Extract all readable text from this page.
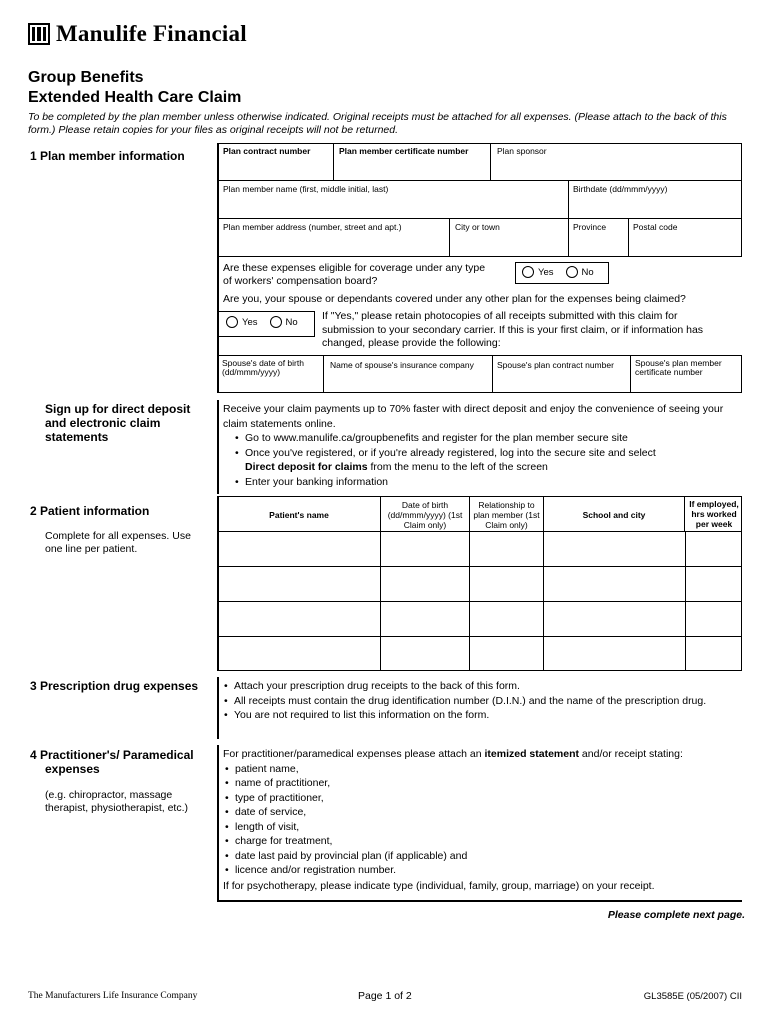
Manulife Financial
Group Benefits
Extended Health Care Claim
To be completed by the plan member unless otherwise indicated. Original receipts must be attached for all expenses. (Please attach to the back of this form.) Please retain copies for your files as original receipts will not be returned.
1 Plan member information	Plan contract number	Plan member certificate number	Plan sponsor
Plan member name (first, middle initial, last)	Birthdate (dd/mmm/yyyy)
Plan member address (number, street and apt.)	City or town	Province	Postal code
Are these expenses eligible for coverage under any type
of workers' compensation board?
Yes	No
Are you, your spouse or dependants covered under any other plan for the expenses being claimed?
Yes	No If "Yes," please retain photocopies of all receipts submitted with this claim for submission to your secondary carrier. If this is your first claim, or if information has changed, please provide the following:
Spouse's date of birth (dd/mmm/yyyy)
Name of spouse's insurance company	Spouse's plan contract number Spouse's plan member certificate number
Sign up for direct deposit and electronic claim statements
Receive your claim payments up to 70% faster with direct deposit and enjoy the convenience of seeing your claim statements online.
• Go to www.manulife.ca/groupbenefits and register for the plan member secure site
• Once you've registered, or if you're already registered, log into the secure site and select
Direct deposit for claims from the menu to the left of the screen
• Enter your banking information
2 Patient information
Complete for all expenses. Use one line per patient.
Patient's name
Date of birth (dd/mmm/yyyy) (1st Claim only)
Relationship to plan member (1st Claim only)
School and city
If employed, hrs worked per week
3 Prescription drug expenses
•	Attach your prescription drug receipts to the back of this form.
• All receipts must contain the drug identification number (D.I.N.) and the name of the prescription drug.
• You are not required to list this information on the form.
4 Practitioner's/ Paramedical expenses
(e.g. chiropractor, massage therapist, physiotherapist, etc.)
For practitioner/paramedical expenses please attach an itemized statement and/or receipt stating:
• patient name,
• name of practitioner,
• type of practitioner,
• date of service,
• length of visit,
• charge for treatment,
• date last paid by provincial plan (if applicable) and
• licence and/or registration number.
If for psychotherapy, please indicate type (individual, family, group, marriage) on your receipt.
Please complete next page.
The Manufacturers Life Insurance Company	Page 1 of 2	GL3585E (05/2007) CII
